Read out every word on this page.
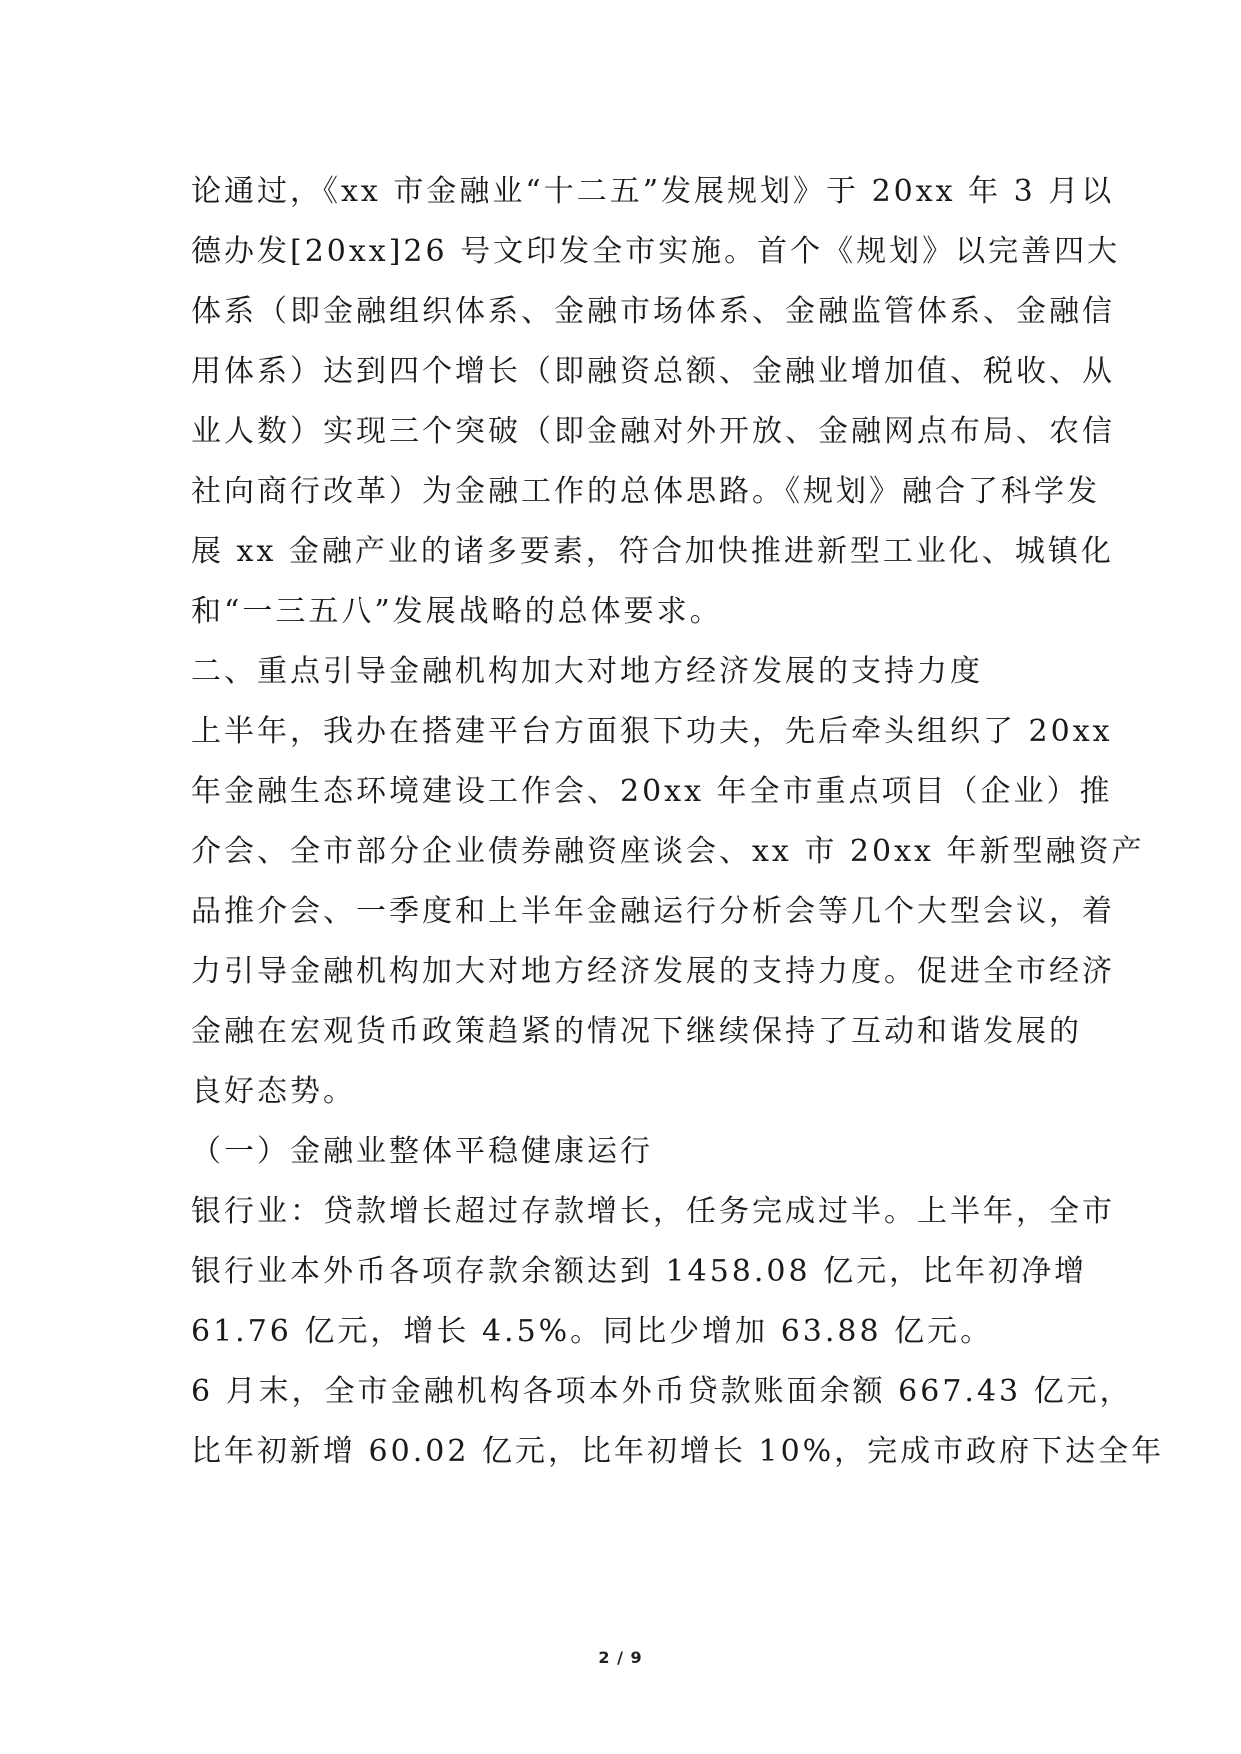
论通过，《xx 市金融业“十二五”发展规划》于 20xx 年 3 月以
德办发[20xx]26 号文印发全市实施。首个《规划》以完善四大
体系（即金融组织体系、金融市场体系、金融监管体系、金融信
用体系）达到四个增长（即融资总额、金融业增加值、税收、从
业人数）实现三个突破（即金融对外开放、金融网点布局、农信
社向商行改革）为金融工作的总体思路。《规划》融合了科学发
展 xx 金融产业的诸多要素，符合加快推进新型工业化、城镇化
和“一三五八”发展战略的总体要求。
二、重点引导金融机构加大对地方经济发展的支持力度
上半年，我办在搭建平台方面狠下功夫，先后牵头组织了 20xx
年金融生态环境建设工作会、20xx 年全市重点项目（企业）推
介会、全市部分企业债券融资座谈会、xx 市 20xx 年新型融资产
品推介会、一季度和上半年金融运行分析会等几个大型会议，着
力引导金融机构加大对地方经济发展的支持力度。促进全市经济
金融在宏观货币政策趋紧的情况下继续保持了互动和谐发展的
良好态势。
（一）金融业整体平稳健康运行
银行业：贷款增长超过存款增长，任务完成过半。上半年，全市
银行业本外币各项存款余额达到 1458.08 亿元，比年初净增
61.76 亿元，增长 4.5%。同比少增加 63.88 亿元。
6 月末，全市金融机构各项本外币贷款账面余额 667.43 亿元，
比年初新增 60.02 亿元，比年初增长 10%，完成市政府下达全年
2 / 9
